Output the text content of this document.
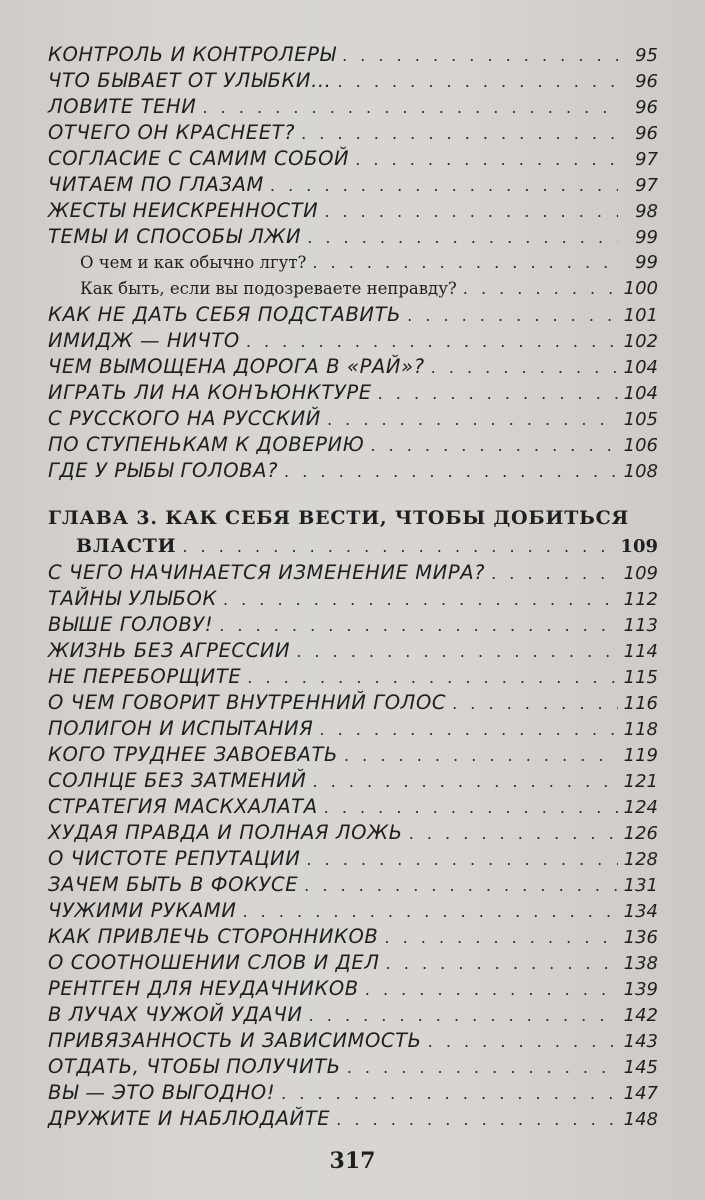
КОНТРОЛЬ И КОНТРОЛЕРЫ . . .	95
ЧТО БЫВАЕТ ОТ УЛЫБКИ... . . .	96
ЛОВИТЕ ТЕНИ . . .	96
ОТЧЕГО ОН КРАСНЕЕТ? . . .	96
СОГЛАСИЕ С САМИМ СОБОЙ . . .	97
ЧИТАЕМ ПО ГЛАЗАМ . . .	97
ЖЕСТЫ НЕИСКРЕННОСТИ . . .	98
ТЕМЫ И СПОСОБЫ ЛЖИ . . .	99
О чем и как обычно лгут? . . .	99
Как быть, если вы подозреваете неправду? . . .	100
КАК НЕ ДАТЬ СЕБЯ ПОДСТАВИТЬ . . .	101
ИМИДЖ — НИЧТО . . .	102
ЧЕМ ВЫМОЩЕНА ДОРОГА В «РАЙ»? . . .	104
ИГРАТЬ ЛИ НА КОНЪЮНКТУРЕ . . .	104
С РУССКОГО НА РУССКИЙ . . .	105
ПО СТУПЕНЬКАМ К ДОВЕРИЮ . . .	106
ГДЕ У РЫБЫ ГОЛОВА? . . .	108
ГЛАВА 3. КАК СЕБЯ ВЕСТИ, ЧТОБЫ ДОБИТЬСЯ
ВЛАСТИ . . .	109
С ЧЕГО НАЧИНАЕТСЯ ИЗМЕНЕНИЕ МИРА? . . .	109
ТАЙНЫ УЛЫБОК . . .	112
ВЫШЕ ГОЛОВУ! . . .	113
ЖИЗНЬ БЕЗ АГРЕССИИ . . .	114
НЕ ПЕРЕБОРЩИТЕ . . .	115
О ЧЕМ ГОВОРИТ ВНУТРЕННИЙ ГОЛОС . . .	116
ПОЛИГОН И ИСПЫТАНИЯ . . .	118
КОГО ТРУДНЕЕ ЗАВОЕВАТЬ . . .	119
СОЛНЦЕ БЕЗ ЗАТМЕНИЙ . . .	121
СТРАТЕГИЯ МАСКХАЛАТА . . .	124
ХУДАЯ ПРАВДА И ПОЛНАЯ ЛОЖЬ . . .	126
О ЧИСТОТЕ РЕПУТАЦИИ . . .	128
ЗАЧЕМ БЫТЬ В ФОКУСЕ . . .	131
ЧУЖИМИ РУКАМИ . . .	134
КАК ПРИВЛЕЧЬ СТОРОННИКОВ . . .	136
О СООТНОШЕНИИ СЛОВ И ДЕЛ . . .	138
РЕНТГЕН ДЛЯ НЕУДАЧНИКОВ . . .	139
В ЛУЧАХ ЧУЖОЙ УДАЧИ . . .	142
ПРИВЯЗАННОСТЬ И ЗАВИСИМОСТЬ . . .	143
ОТДАТЬ, ЧТОБЫ ПОЛУЧИТЬ . . .	145
ВЫ — ЭТО ВЫГОДНО! . . .	147
ДРУЖИТЕ И НАБЛЮДАЙТЕ . . .	148
317
